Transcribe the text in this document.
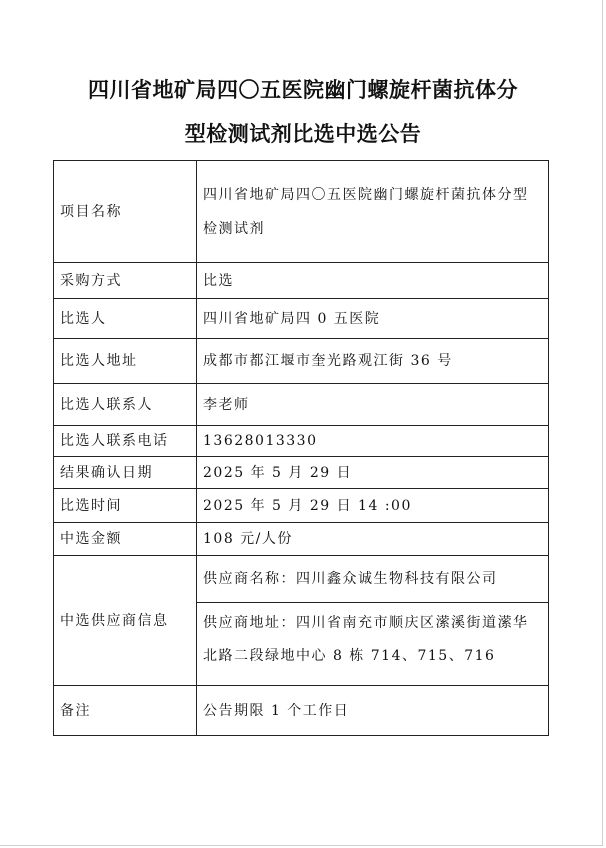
四川省地矿局四〇五医院幽门螺旋杆菌抗体分
型检测试剂比选中选公告
项目名称	四川省地矿局四〇五医院幽门螺旋杆菌抗体分型检测试剂
采购方式	比选
比选人	四川省地矿局四 0 五医院
比选人地址	成都市都江堰市奎光路观江街 36 号
比选人联系人	李老师
比选人联系电话	13628013330
结果确认日期	2025 年 5 月 29 日
比选时间	2025 年 5 月 29 日 14 :00
中选金额	108 元/人份
中选供应商信息	供应商名称：四川鑫众诚生物科技有限公司
供应商地址：四川省南充市顺庆区潆溪街道潆华北路二段绿地中心 8 栋 714、715、716

备注	公告期限 1 个工作日
